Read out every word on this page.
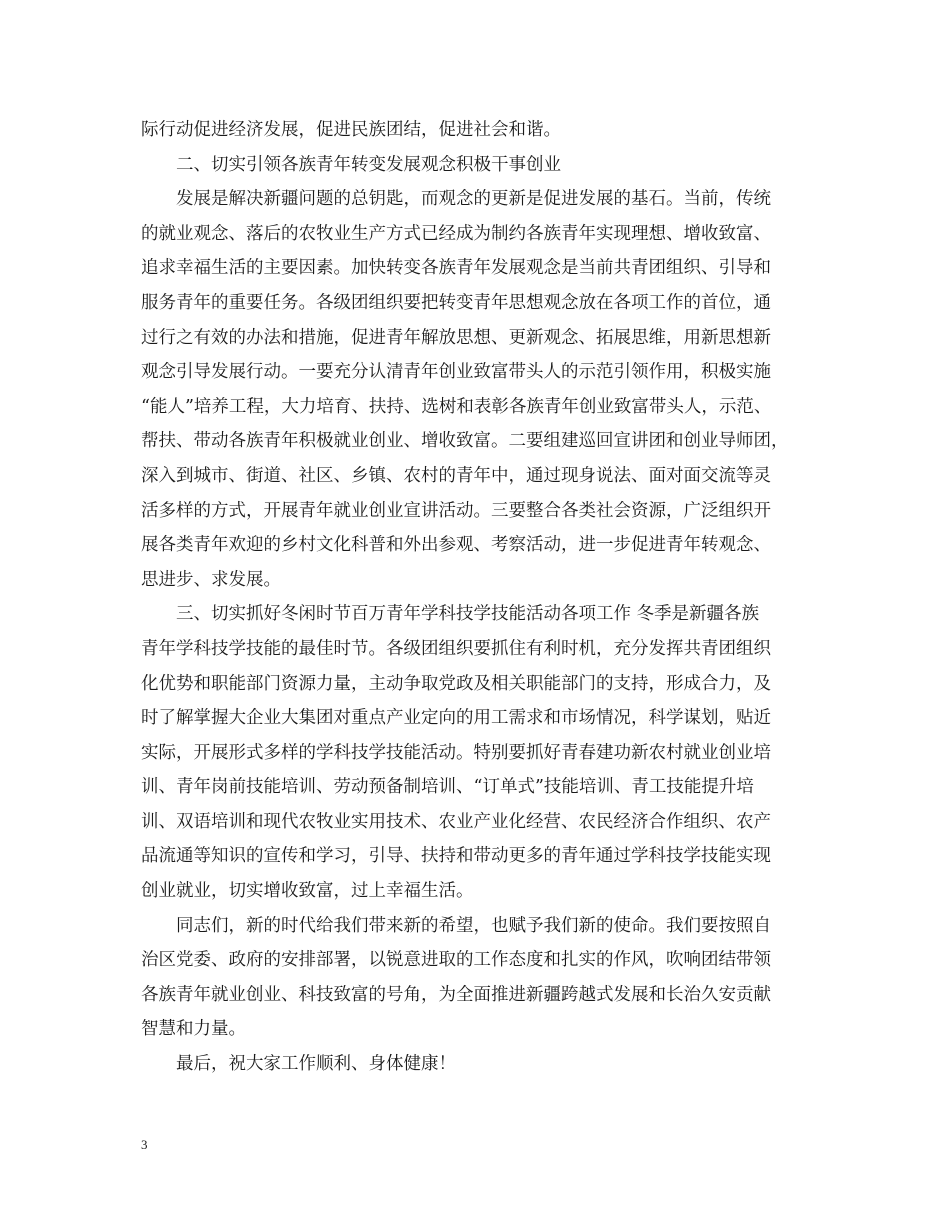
际行动促进经济发展，促进民族团结，促进社会和谐。
二、切实引领各族青年转变发展观念积极干事创业
发展是解决新疆问题的总钥匙，而观念的更新是促进发展的基石。当前，传统
的就业观念、落后的农牧业生产方式已经成为制约各族青年实现理想、增收致富、
追求幸福生活的主要因素。加快转变各族青年发展观念是当前共青团组织、引导和
服务青年的重要任务。各级团组织要把转变青年思想观念放在各项工作的首位，通
过行之有效的办法和措施，促进青年解放思想、更新观念、拓展思维，用新思想新
观念引导发展行动。一要充分认清青年创业致富带头人的示范引领作用，积极实施
“能人”培养工程，大力培育、扶持、选树和表彰各族青年创业致富带头人，示范、
帮扶、带动各族青年积极就业创业、增收致富。二要组建巡回宣讲团和创业导师团，
深入到城市、街道、社区、乡镇、农村的青年中，通过现身说法、面对面交流等灵
活多样的方式，开展青年就业创业宣讲活动。三要整合各类社会资源，广泛组织开
展各类青年欢迎的乡村文化科普和外出参观、考察活动，进一步促进青年转观念、
思进步、求发展。
三、切实抓好冬闲时节百万青年学科技学技能活动各项工作 冬季是新疆各族
青年学科技学技能的最佳时节。各级团组织要抓住有利时机，充分发挥共青团组织
化优势和职能部门资源力量，主动争取党政及相关职能部门的支持，形成合力，及
时了解掌握大企业大集团对重点产业定向的用工需求和市场情况，科学谋划，贴近
实际，开展形式多样的学科技学技能活动。特别要抓好青春建功新农村就业创业培
训、青年岗前技能培训、劳动预备制培训、“订单式”技能培训、青工技能提升培
训、双语培训和现代农牧业实用技术、农业产业化经营、农民经济合作组织、农产
品流通等知识的宣传和学习，引导、扶持和带动更多的青年通过学科技学技能实现
创业就业，切实增收致富，过上幸福生活。
同志们，新的时代给我们带来新的希望，也赋予我们新的使命。我们要按照自
治区党委、政府的安排部署，以锐意进取的工作态度和扎实的作风，吹响团结带领
各族青年就业创业、科技致富的号角，为全面推进新疆跨越式发展和长治久安贡献
智慧和力量。
最后，祝大家工作顺利、身体健康！
3
